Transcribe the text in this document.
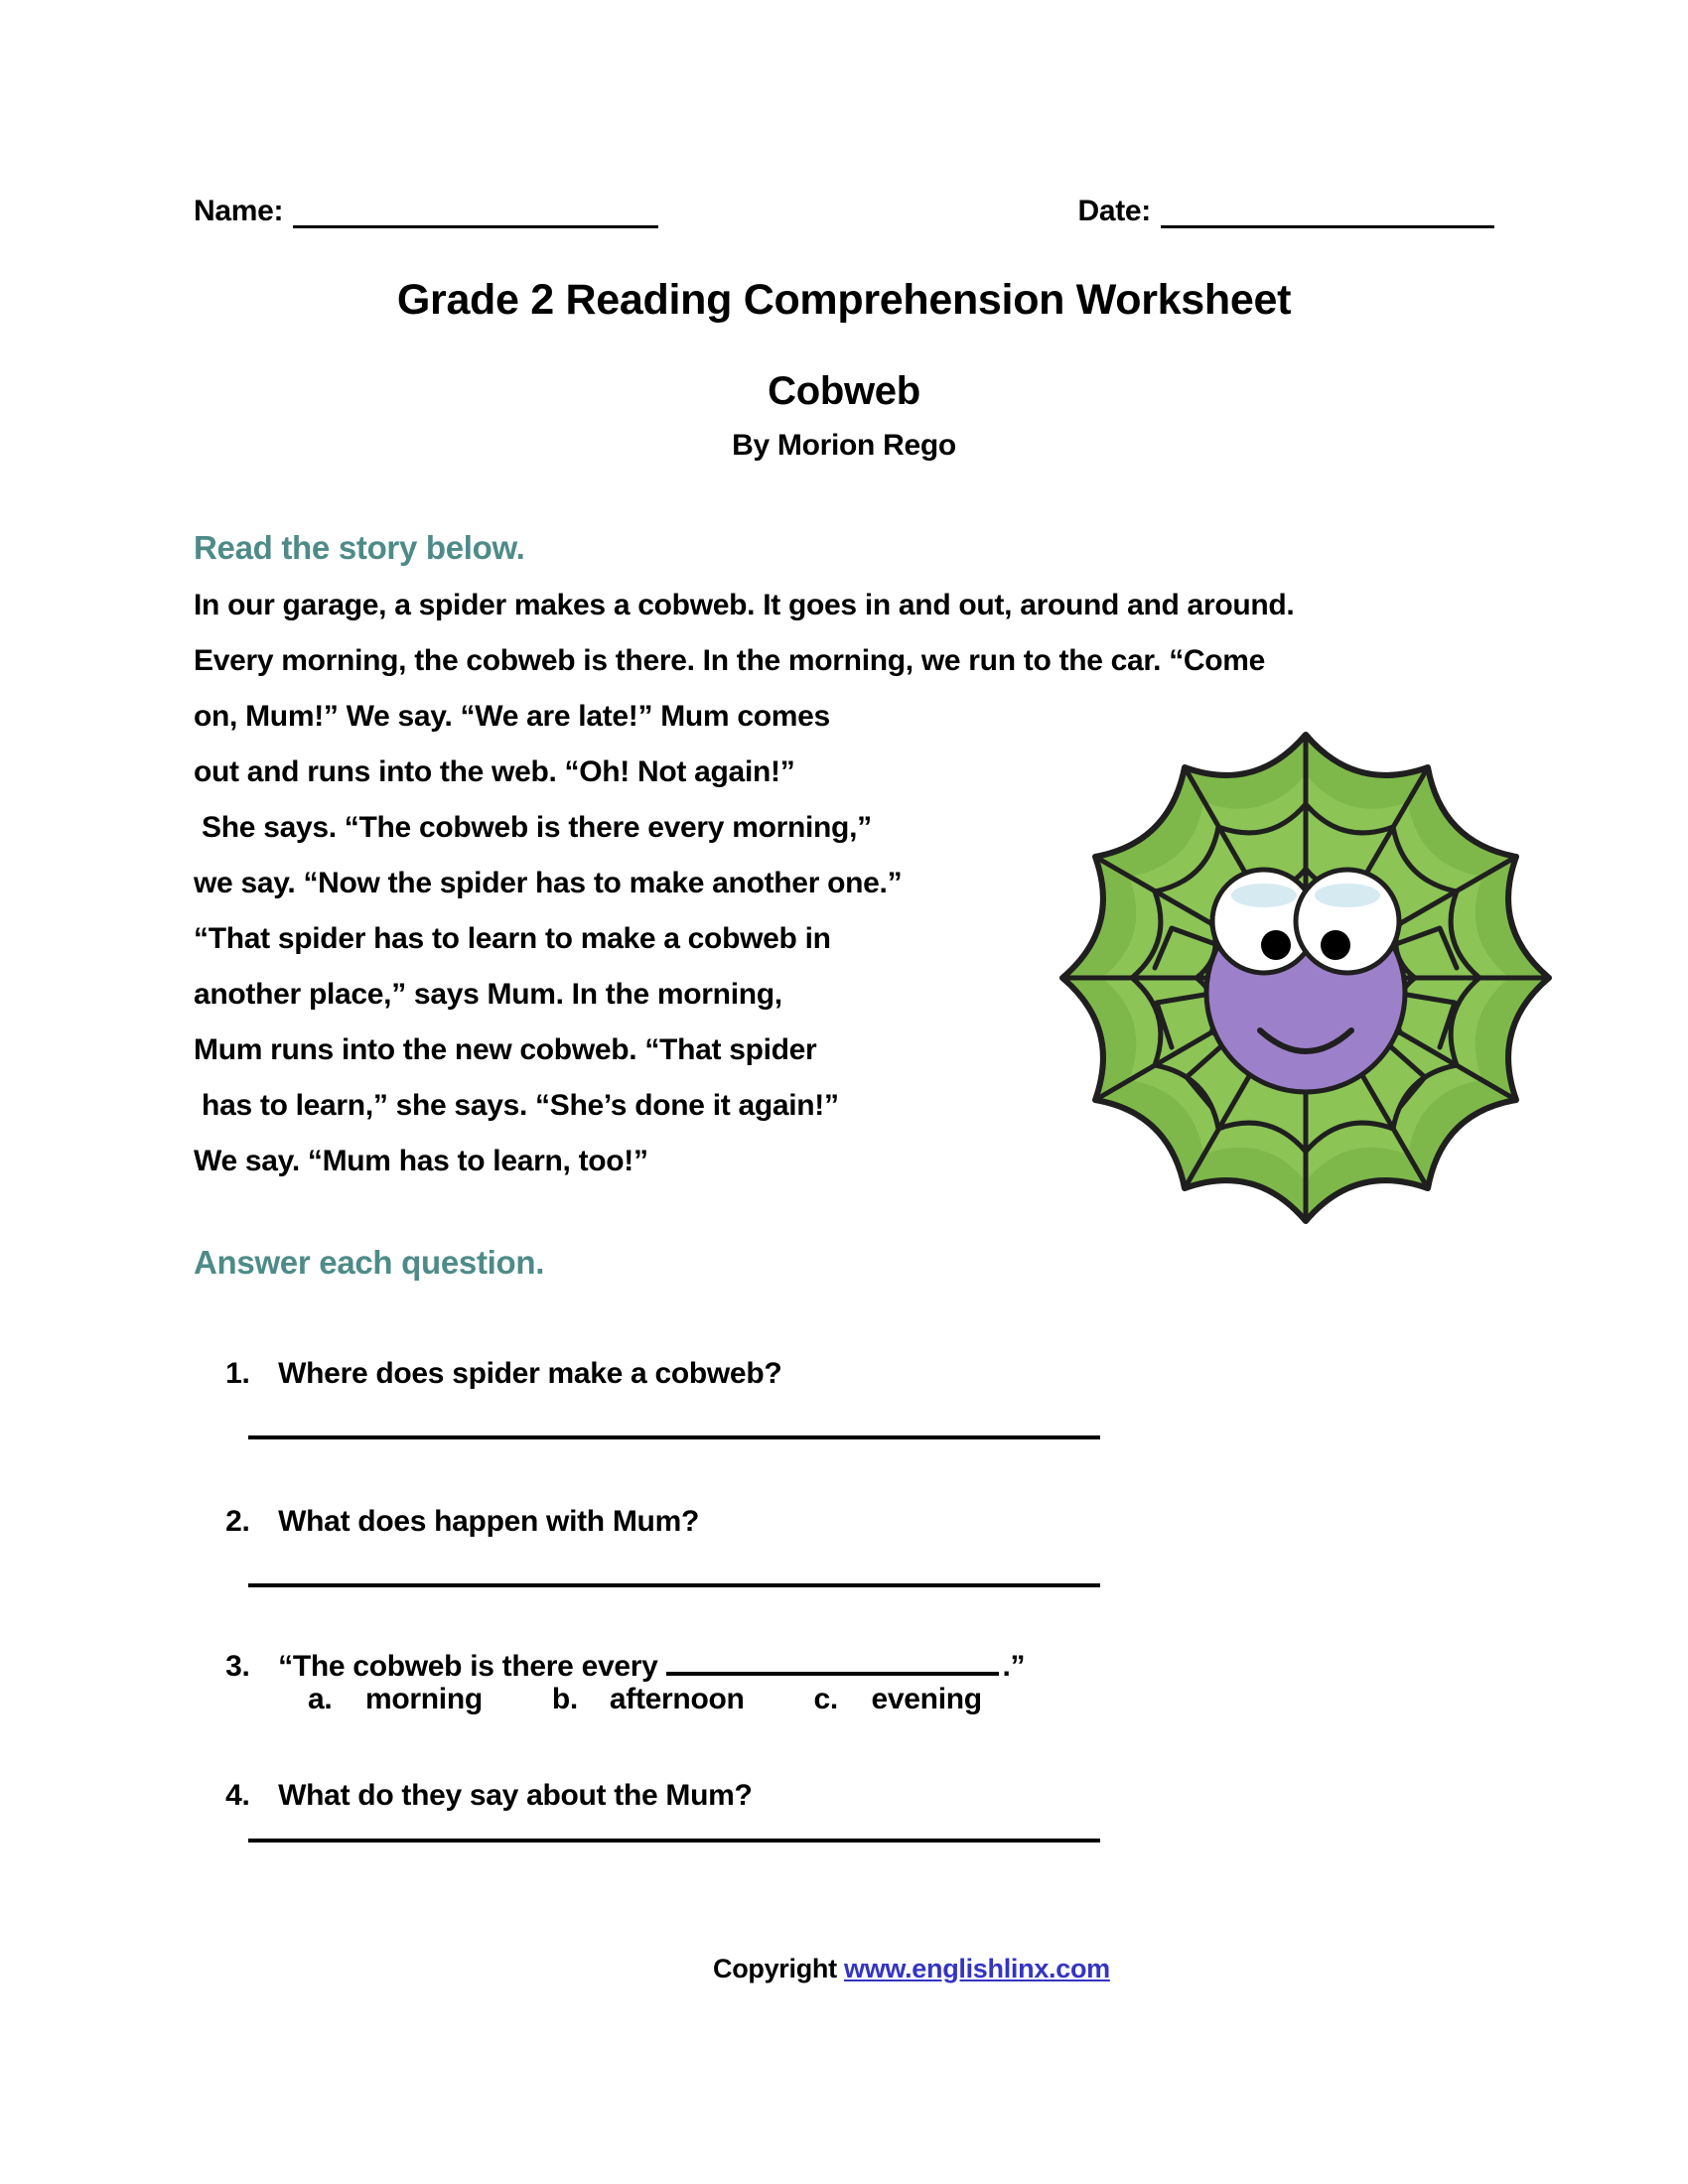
Name:	Date:
Grade 2 Reading Comprehension Worksheet
Cobweb
By Morion Rego
Read the story below.
In our garage, a spider makes a cobweb. It goes in and out, around and around.
Every morning, the cobweb is there. In the morning, we run to the car. “Come
on, Mum!” We say. “We are late!” Mum comes
out and runs into the web. “Oh! Not again!”
She says. “The cobweb is there every morning,”
we say. “Now the spider has to make another one.”
“That spider has to learn to make a cobweb in
another place,” says Mum. In the morning,
Mum runs into the new cobweb. “That spider
has to learn,” she says. “She’s done it again!”
We say. “Mum has to learn, too!”
Answer each question.

1. Where does spider make a cobweb?

2. What does happen with Mum?

3. “The cobweb is there every	.”

a.	morning b.	afternoon c.	evening

4. What do they say about the Mum?

Copyright www.englishlinx.com
